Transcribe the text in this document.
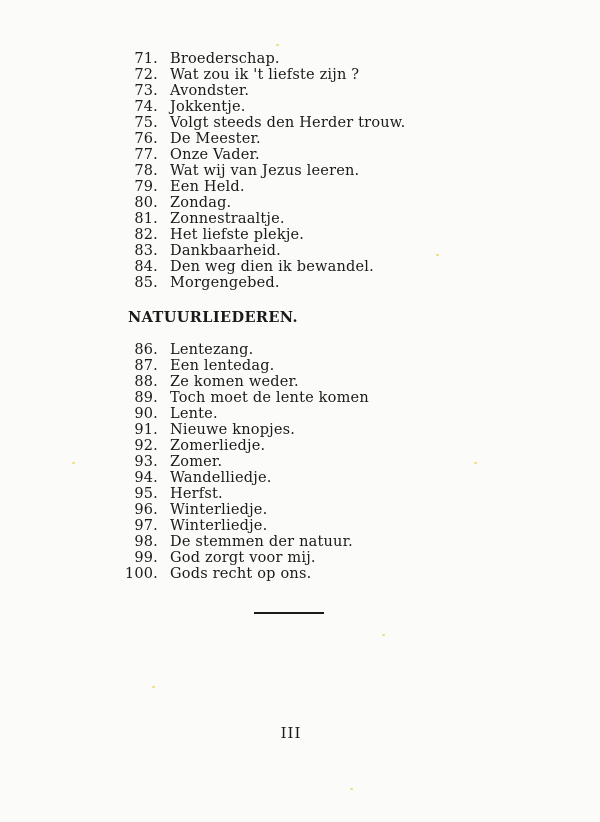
71. Broederschap.
72. Wat zou ik 't liefste zijn ?
73. Avondster.
74. Jokkentje.
75. Volgt steeds den Herder trouw.
76. De Meester.
77. Onze Vader.
78. Wat wij van Jezus leeren.
79. Een Held.
80. Zondag.
81. Zonnestraaltje.
82. Het liefste plekje.
83. Dankbaarheid.
84. Den weg dien ik bewandel.
85. Morgengebed.
NATUURLIEDEREN.
86. Lentezang.
87. Een lentedag.
88. Ze komen weder.
89. Toch moet de lente komen
90. Lente.
91. Nieuwe knopjes.
92. Zomerliedje.
93. Zomer.
94. Wandelliedje.
95. Herfst.
96. Winterliedje.
97. Winterliedje.
98. De stemmen der natuur.
99. God zorgt voor mij.
100. Gods recht op ons.
III
